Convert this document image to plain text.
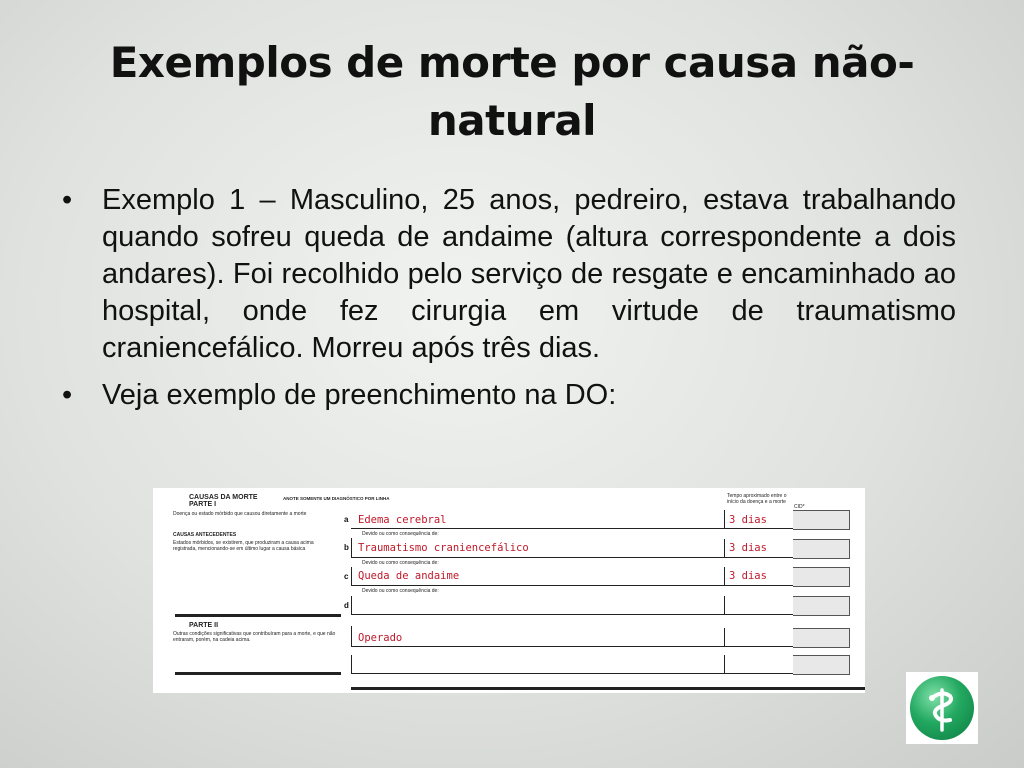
Exemplos de morte por causa não-natural
• Exemplo 1 – Masculino, 25 anos, pedreiro, estava trabalhando quando sofreu queda de andaime (altura correspondente a dois andares). Foi recolhido pelo serviço de resgate e encaminhado ao hospital, onde fez cirurgia em virtude de traumatismo craniencefálico. Morreu após três dias.
• Veja exemplo de preenchimento na DO:
CAUSAS DA MORTE	ANOTE SOMENTE UM DIAGNÓSTICO POR LINHA
PARTE I
Doença ou estado mórbido que causou diretamente a morte
CAUSAS ANTECEDENTES
Estados mórbidos, se existirem, que produziram a causa acima registrada, mencionando-se em último lugar a causa básica
Tempo aproximado entre o início da doença e a morte
CID*
a Edema cerebral	3 dias
Devido ou como consequência de:
b Traumatismo craniencefálico	3 dias
Devido ou como consequência de:
c Queda de andaime	3 dias
Devido ou como consequência de:
d
PARTE II
Outras condições significativas que contribuíram para a morte, e que não entraram, porém, na cadeia acima.	Operado
